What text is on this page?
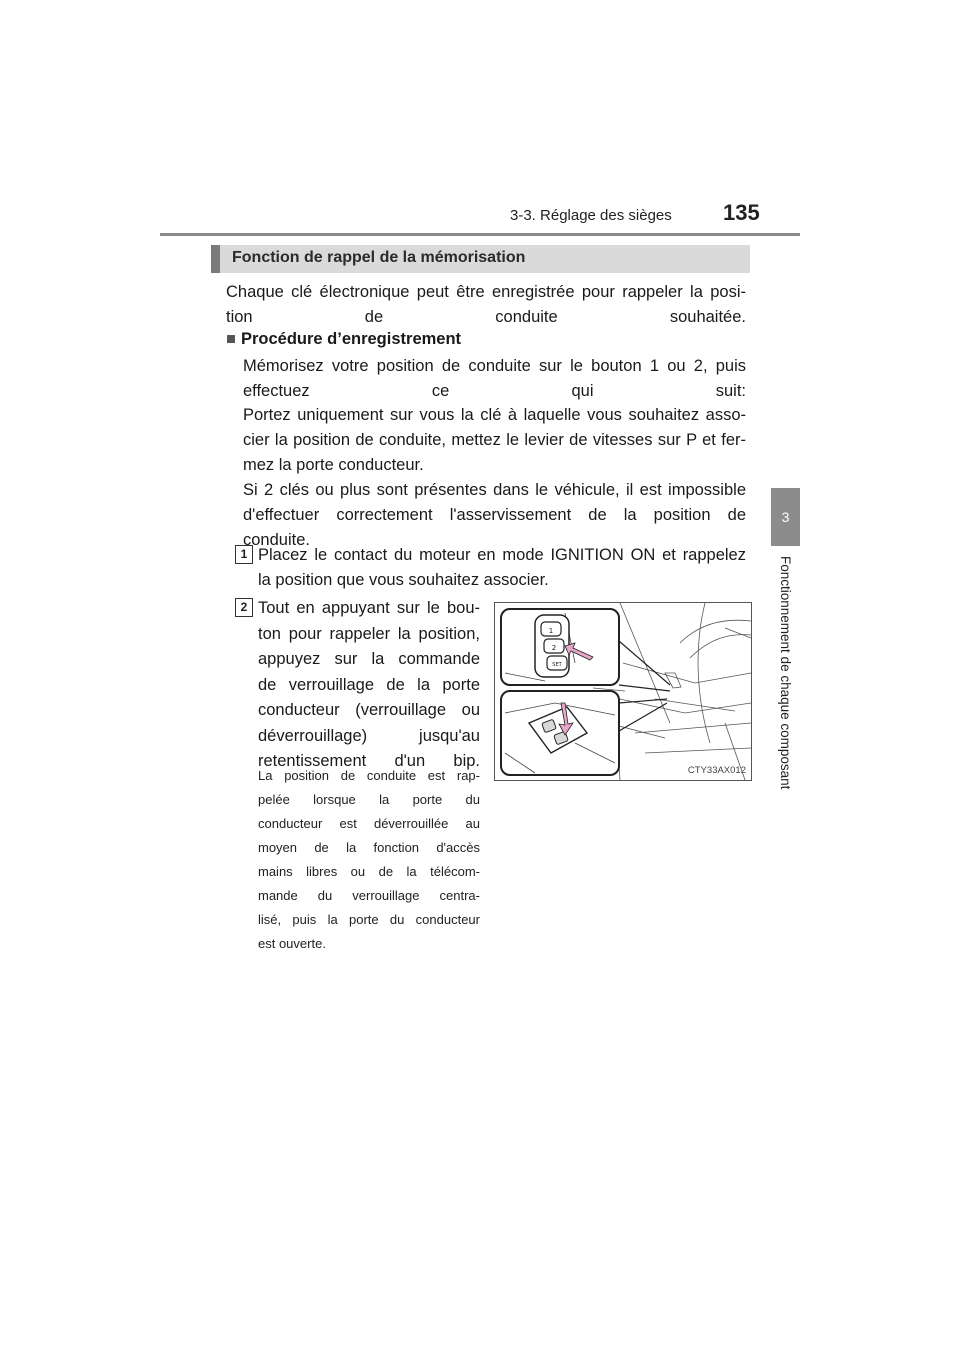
3-3. Réglage des sièges 135
3
Fonctionnement de chaque composant
Fonction de rappel de la mémorisation
Chaque clé électronique peut être enregistrée pour rappeler la posi-
tion de conduite souhaitée.
■ Procédure d’enregistrement
Mémorisez votre position de conduite sur le bouton 1 ou 2, puis
effectuez ce qui suit:
Portez uniquement sur vous la clé à laquelle vous souhaitez asso-
cier la position de conduite, mettez le levier de vitesses sur P et fer-
mez la porte conducteur.
Si 2 clés ou plus sont présentes dans le véhicule, il est impossible
d'effectuer correctement l'asservissement de la position de
conduite.
1 Placez le contact du moteur en mode IGNITION ON et rappelez
la position que vous souhaitez associer.
2 Tout en appuyant sur le bou-
ton pour rappeler la position,
appuyez sur la commande
de verrouillage de la porte
conducteur (verrouillage ou
déverrouillage) jusqu'au
retentissement d'un bip.
La position de conduite est rap-
pelée lorsque la porte du
conducteur est déverrouillée au
moyen de la fonction d'accès
mains libres ou de la télécom-
mande du verrouillage centra-
lisé, puis la porte du conducteur
est ouverte.
1
2
SET
CTY33AX012
